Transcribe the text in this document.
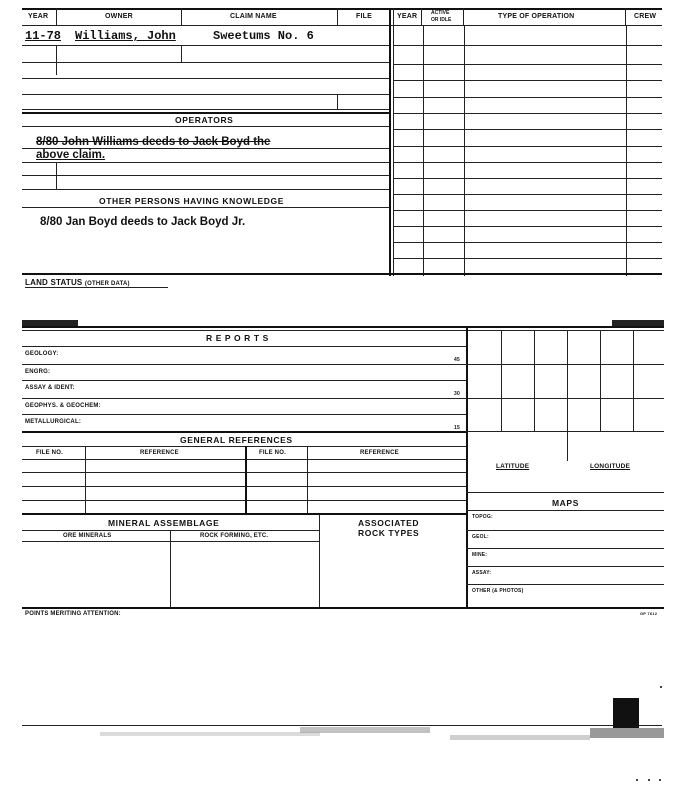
YEAR	OWNER	CLAIM NAME	FILE	YEAR	ACTIVE
OR IDLE	TYPE OF OPERATION	CREW
11-78 Williams, John	Sweetums No. 6
OPERATORS
8/80 John Williams deeds to Jack Boyd the
above claim.
OTHER PERSONS HAVING KNOWLEDGE
8/80 Jan Boyd deeds to Jack Boyd Jr.
LAND STATUS (OTHER DATA)
R E P O R T S
GEOLOGY:
45
ENGRG:
ASSAY & IDENT:
30
GEOPHYS. & GEOCHEM:
METALLURGICAL:
15
GENERAL REFERENCES
FILE NO.	REFERENCE	FILE NO.	REFERENCE
MINERAL ASSEMBLAGE
ORE MINERALS	ROCK FORMING, ETC.
ASSOCIATED
ROCK TYPES
LATITUDE	LONGITUDE
MAPS
TOPOG:
GEOL:
MINE:
ASSAY:
OTHER (& PHOTOS)
POINTS MERITING ATTENTION:	GP 7612
